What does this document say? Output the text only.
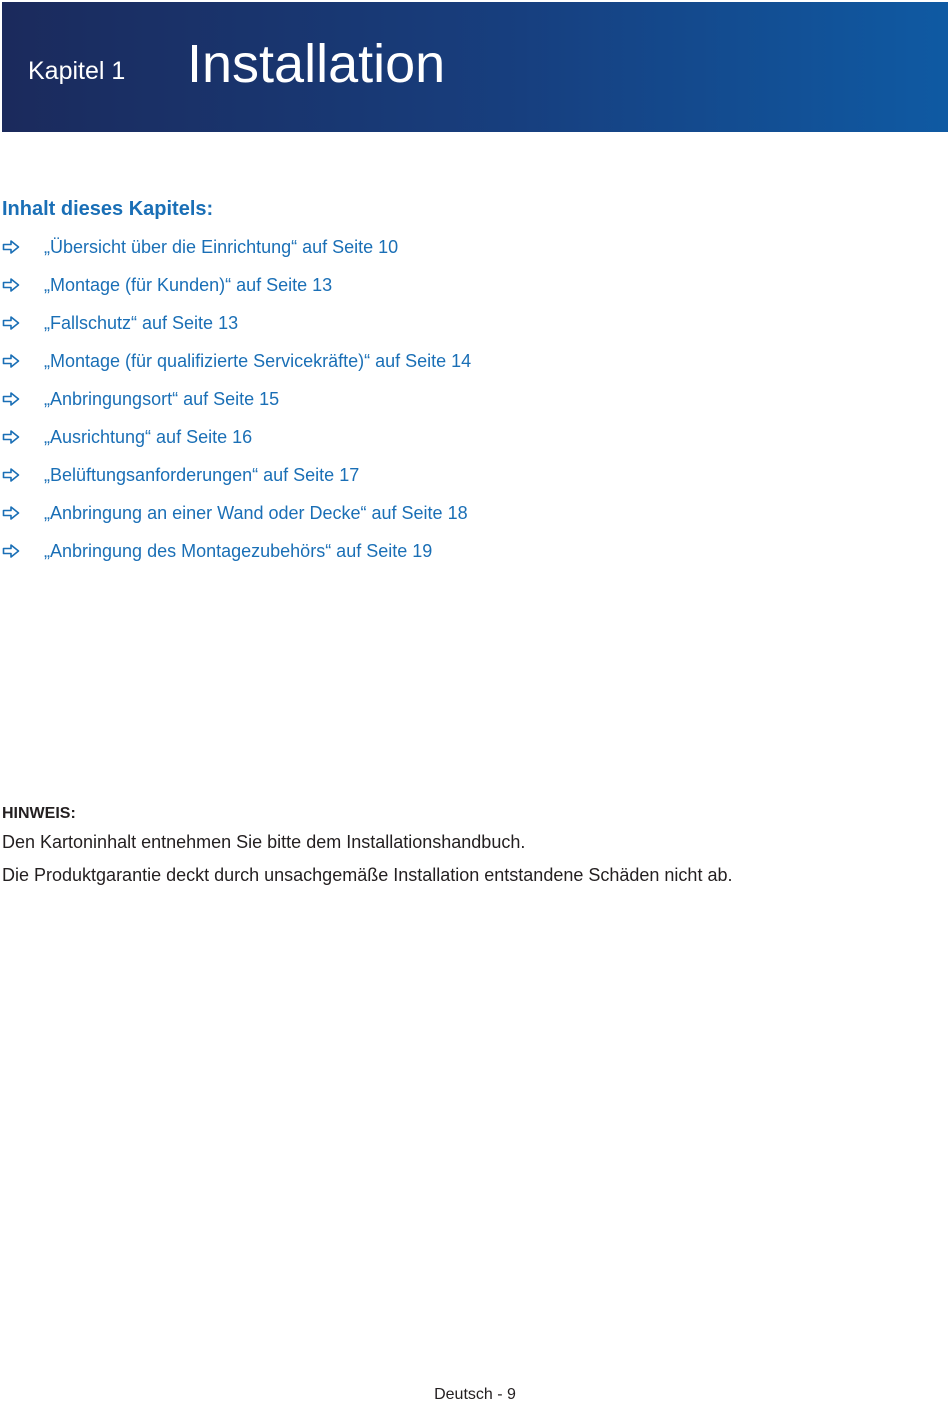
Kapitel 1 Installation
Inhalt dieses Kapitels:
„Übersicht über die Einrichtung“ auf Seite 10
„Montage (für Kunden)“ auf Seite 13
„Fallschutz“ auf Seite 13
„Montage (für qualifizierte Servicekräfte)“ auf Seite 14
„Anbringungsort“ auf Seite 15
„Ausrichtung“ auf Seite 16
„Belüftungsanforderungen“ auf Seite 17
„Anbringung an einer Wand oder Decke“ auf Seite 18
„Anbringung des Montagezubehörs“ auf Seite 19
HINWEIS:
Den Kartoninhalt entnehmen Sie bitte dem Installationshandbuch.
Die Produktgarantie deckt durch unsachgemäße Installation entstandene Schäden nicht ab.
Deutsch - 9
